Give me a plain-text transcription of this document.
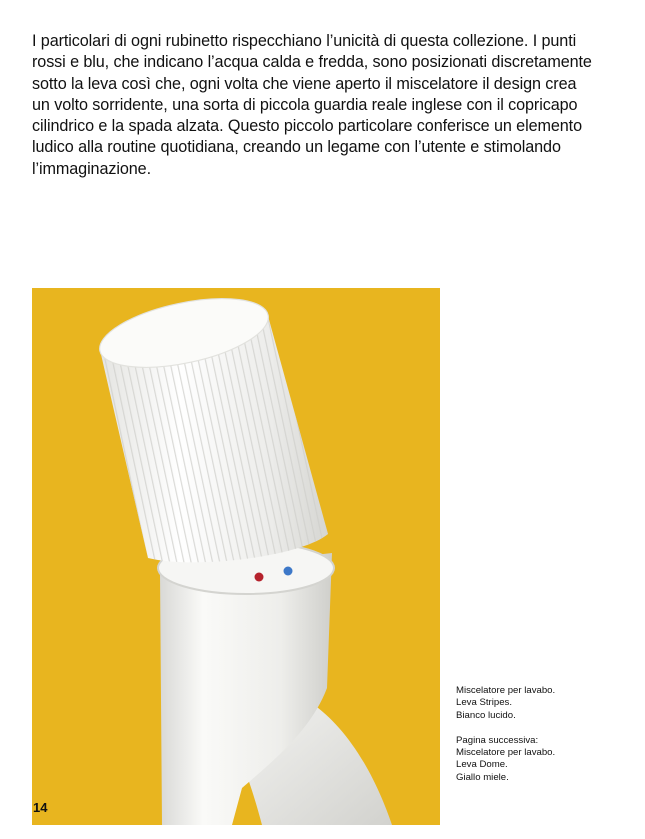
I particolari di ogni rubinetto rispecchiano l’unicità di questa collezione. I punti rossi e blu, che indicano l’acqua calda e fredda, sono posizionati discretamente sotto la leva così che, ogni volta che viene aperto il miscelatore il design crea un volto sorridente, una sorta di piccola guardia reale inglese con il copricapo cilindrico e la spada alzata. Questo piccolo particolare conferisce un elemento ludico alla routine quotidiana, creando un legame con l’utente e stimolando l’immaginazione.

Miscelatore per lavabo.
Leva Stripes.
Bianco lucido.
Pagina successiva:
Miscelatore per lavabo.
Leva Dome.
Giallo miele.
14
